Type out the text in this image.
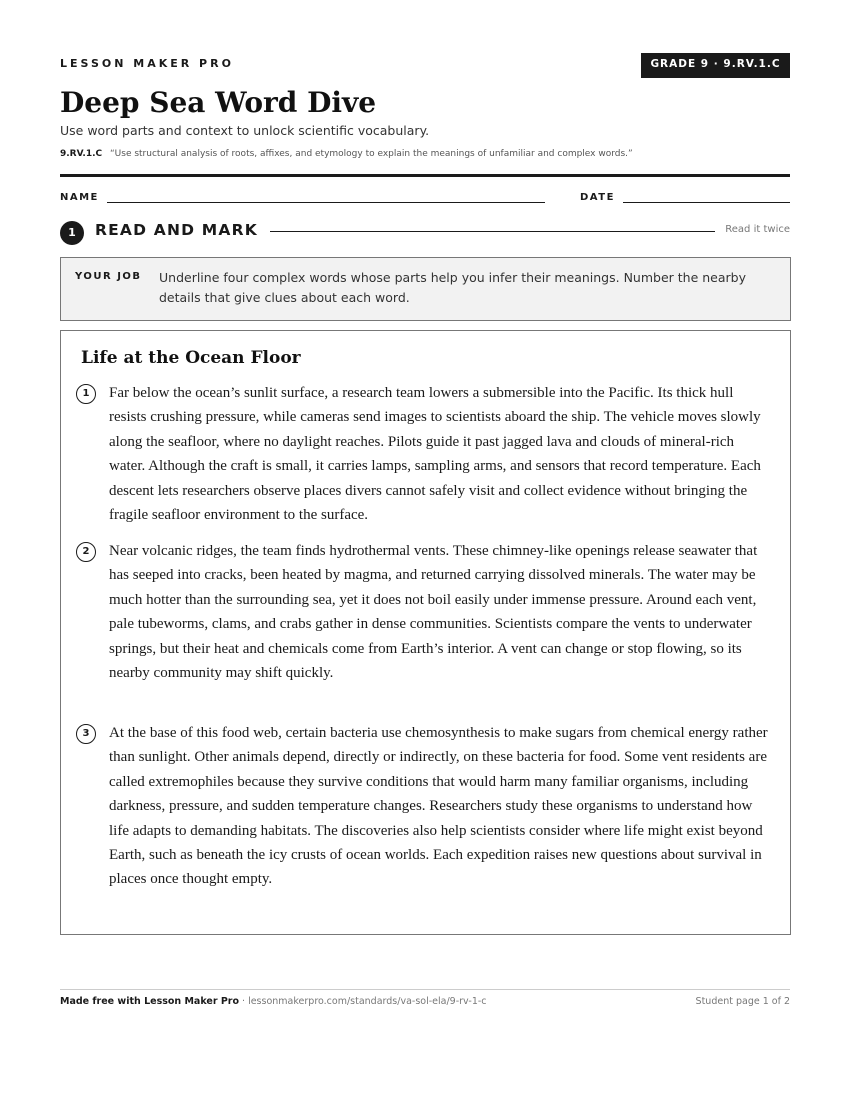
LESSON MAKER PRO	GRADE 9 · 9.RV.1.C
Deep Sea Word Dive
Use word parts and context to unlock scientific vocabulary.
9.RV.1.C “Use structural analysis of roots, affixes, and etymology to explain the meanings of unfamiliar and complex words.”
NAME	DATE
1	READ AND MARK	Read it twice
YOUR JOB Underline four complex words whose parts help you infer their meanings. Number the nearby details that give clues about each word.
Life at the Ocean Floor
1	Far below the ocean’s sunlit surface, a research team lowers a submersible into the Pacific. Its thick hull resists crushing pressure, while cameras send images to scientists aboard the ship. The vehicle moves slowly along the seafloor, where no daylight reaches. Pilots guide it past jagged lava and clouds of mineral-rich water. Although the craft is small, it carries lamps, sampling arms, and sensors that record temperature. Each descent lets researchers observe places divers cannot safely visit and collect evidence without bringing the fragile seafloor environment to the surface.
2	Near volcanic ridges, the team finds hydrothermal vents. These chimney-like openings release seawater that has seeped into cracks, been heated by magma, and returned carrying dissolved minerals. The water may be much hotter than the surrounding sea, yet it does not boil easily under immense pressure. Around each vent, pale tubeworms, clams, and crabs gather in dense communities. Scientists compare the vents to underwater springs, but their heat and chemicals come from Earth’s interior. A vent can change or stop flowing, so its nearby community may shift quickly.
3	At the base of this food web, certain bacteria use chemosynthesis to make sugars from chemical energy rather than sunlight. Other animals depend, directly or indirectly, on these bacteria for food. Some vent residents are called extremophiles because they survive conditions that would harm many familiar organisms, including darkness, pressure, and sudden temperature changes. Researchers study these organisms to understand how life adapts to demanding habitats. The discoveries also help scientists consider where life might exist beyond Earth, such as beneath the icy crusts of ocean worlds. Each expedition raises new questions about survival in places once thought empty.
Made free with Lesson Maker Pro · lessonmakerpro.com/standards/va-sol-ela/9-rv-1-c	Student page 1 of 2
